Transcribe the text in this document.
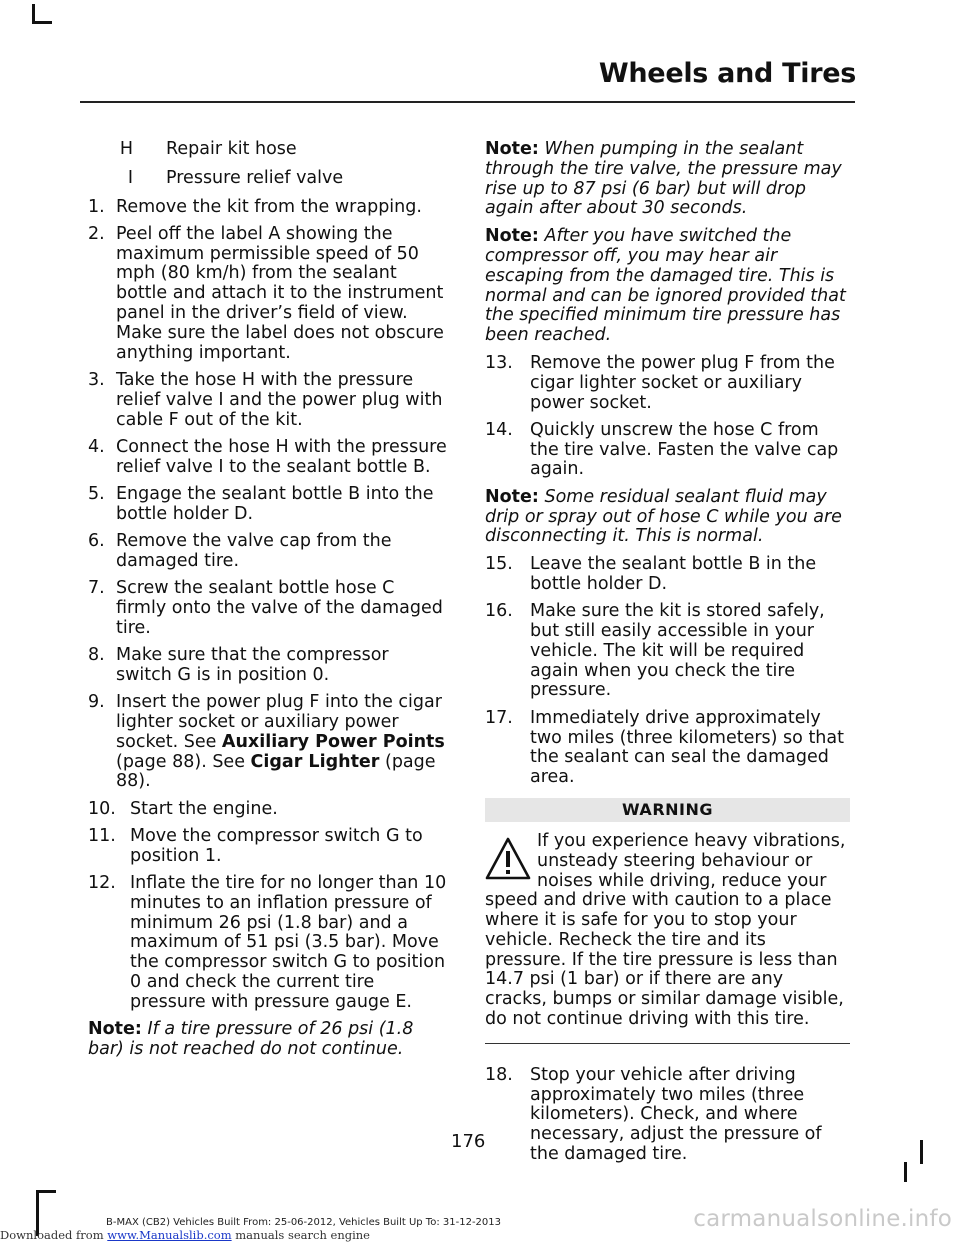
Wheels and Tires
H Repair kit hose
I Pressure relief valve
1. Remove the kit from the wrapping.
2. Peel off the label A showing the maximum permissible speed of 50 mph (80 km/h) from the sealant bottle and attach it to the instrument panel in the driver’s field of view. Make sure the label does not obscure anything important.
3. Take the hose H with the pressure relief valve I and the power plug with cable F out of the kit.
4. Connect the hose H with the pressure relief valve I to the sealant bottle B.
5. Engage the sealant bottle B into the bottle holder D.
6. Remove the valve cap from the damaged tire.
7. Screw the sealant bottle hose C firmly onto the valve of the damaged tire.
8. Make sure that the compressor switch G is in position 0.
9. Insert the power plug F into the cigar lighter socket or auxiliary power socket. See Auxiliary Power Points (page 88). See Cigar Lighter (page 88).
10. Start the engine.
11. Move the compressor switch G to position 1.
12. Inflate the tire for no longer than 10 minutes to an inflation pressure of minimum 26 psi (1.8 bar) and a maximum of 51 psi (3.5 bar). Move the compressor switch G to position 0 and check the current tire pressure with pressure gauge E.
Note: If a tire pressure of 26 psi (1.8 bar) is not reached do not continue.
Note: When pumping in the sealant through the tire valve, the pressure may rise up to 87 psi (6 bar) but will drop again after about 30 seconds.
Note: After you have switched the compressor off, you may hear air escaping from the damaged tire. This is normal and can be ignored provided that the specified minimum tire pressure has been reached.
13. Remove the power plug F from the cigar lighter socket or auxiliary power socket.
14. Quickly unscrew the hose C from the tire valve. Fasten the valve cap again.
Note: Some residual sealant fluid may drip or spray out of hose C while you are disconnecting it. This is normal.
15. Leave the sealant bottle B in the bottle holder D.
16. Make sure the kit is stored safely, but still easily accessible in your vehicle. The kit will be required again when you check the tire pressure.
17. Immediately drive approximately two miles (three kilometers) so that the sealant can seal the damaged area.
WARNING
If you experience heavy vibrations, unsteady steering behaviour or noises while driving, reduce your speed and drive with caution to a place where it is safe for you to stop your vehicle. Recheck the tire and its pressure. If the tire pressure is less than 14.7 psi (1 bar) or if there are any cracks, bumps or similar damage visible, do not continue driving with this tire.
18. Stop your vehicle after driving approximately two miles (three kilometers). Check, and where necessary, adjust the pressure of the damaged tire.
176
B-MAX (CB2) Vehicles Built From: 25-06-2012, Vehicles Built Up To: 31-12-2013
Downloaded from www.Manualslib.com manuals search engine
carmanualsonline.info
